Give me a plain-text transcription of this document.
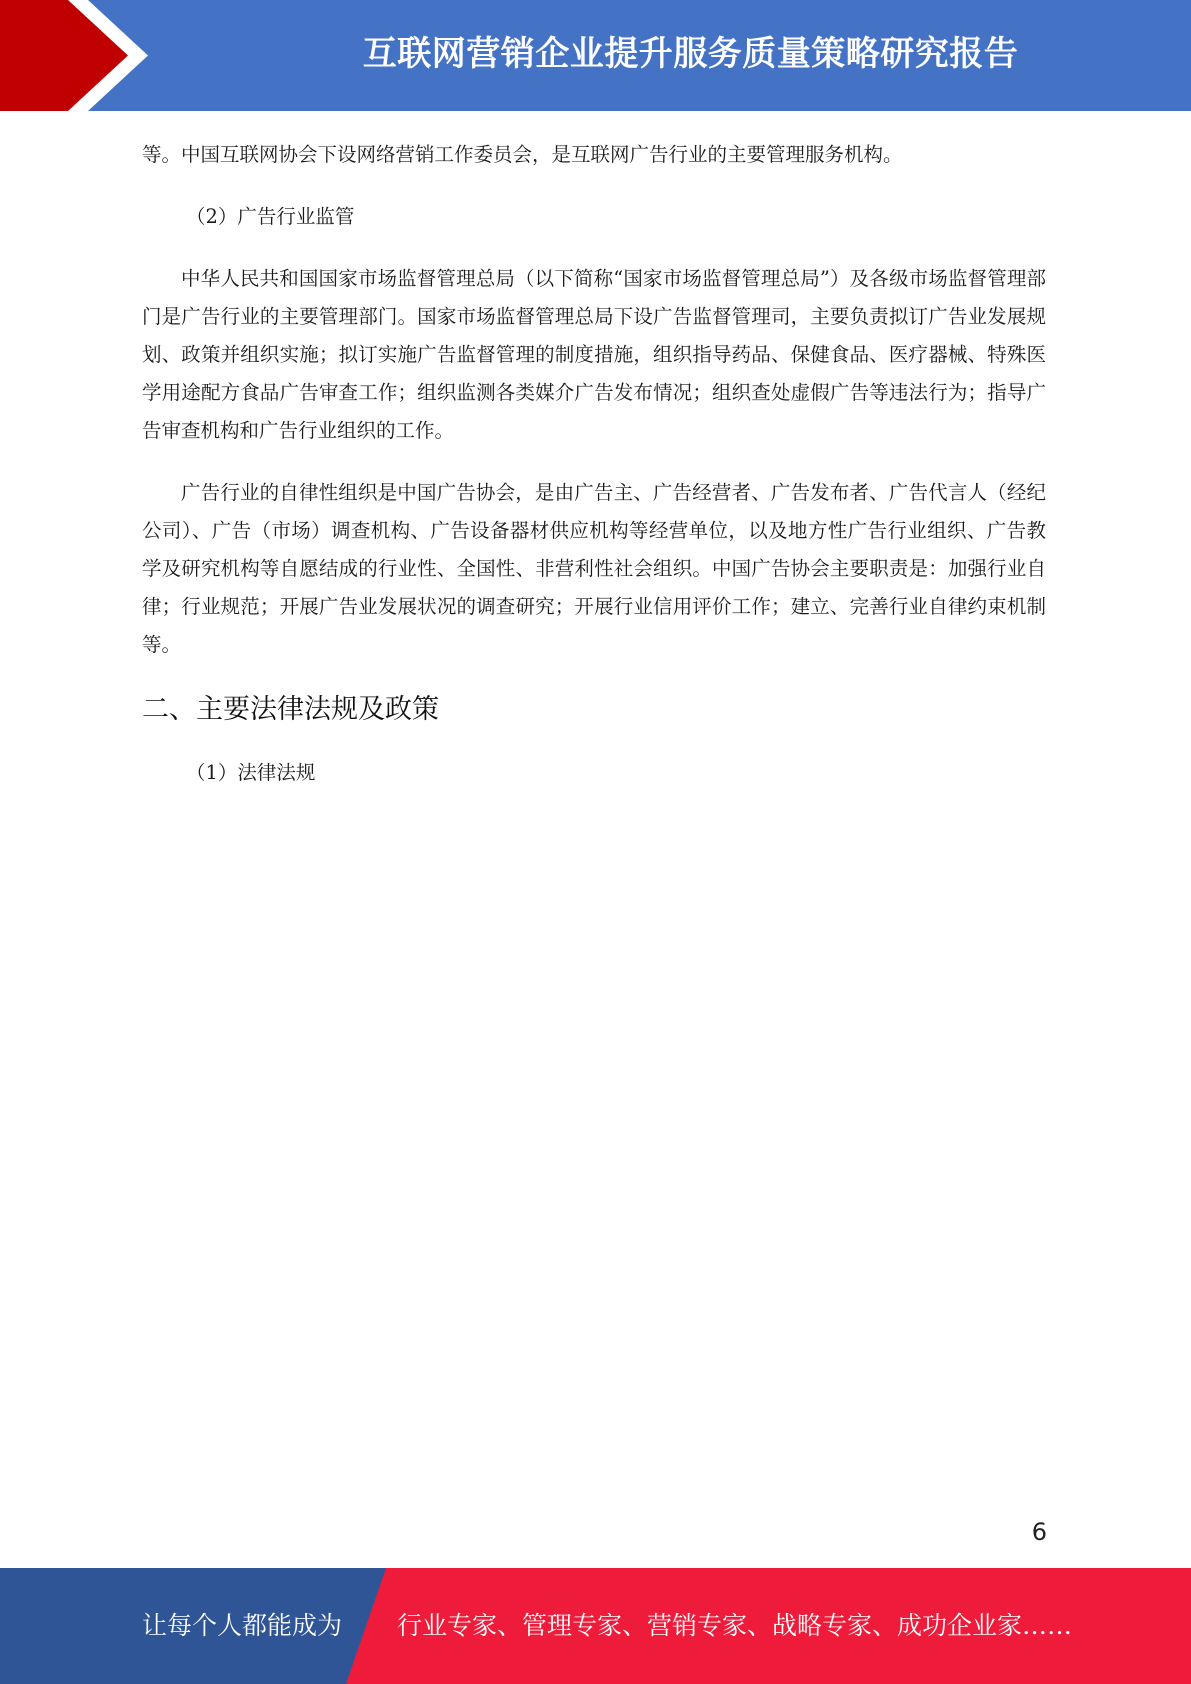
互联网营销企业提升服务质量策略研究报告

等。中国互联网协会下设网络营销工作委员会，是互联网广告行业的主要管理服务机构。

（2）广告行业监管

中华人民共和国国家市场监督管理总局（以下简称“国家市场监督管理总局”）及各级市场监督管理部门是广告行业的主要管理部门。国家市场监督管理总局下设广告监督管理司，主要负责拟订广告业发展规划、政策并组织实施；拟订实施广告监督管理的制度措施，组织指导药品、保健食品、医疗器械、特殊医学用途配方食品广告审查工作；组织监测各类媒介广告发布情况；组织查处虚假广告等违法行为；指导广告审查机构和广告行业组织的工作。

广告行业的自律性组织是中国广告协会，是由广告主、广告经营者、广告发布者、广告代言人（经纪公司）、广告（市场）调查机构、广告设备器材供应机构等经营单位，以及地方性广告行业组织、广告教学及研究机构等自愿结成的行业性、全国性、非营利性社会组织。中国广告协会主要职责是：加强行业自律；行业规范；开展广告业发展状况的调查研究；开展行业信用评价工作；建立、完善行业自律约束机制等。

二、主要法律法规及政策

（1）法律法规

6
让每个人都能成为 行业专家、管理专家、营销专家、战略专家、成功企业家……
